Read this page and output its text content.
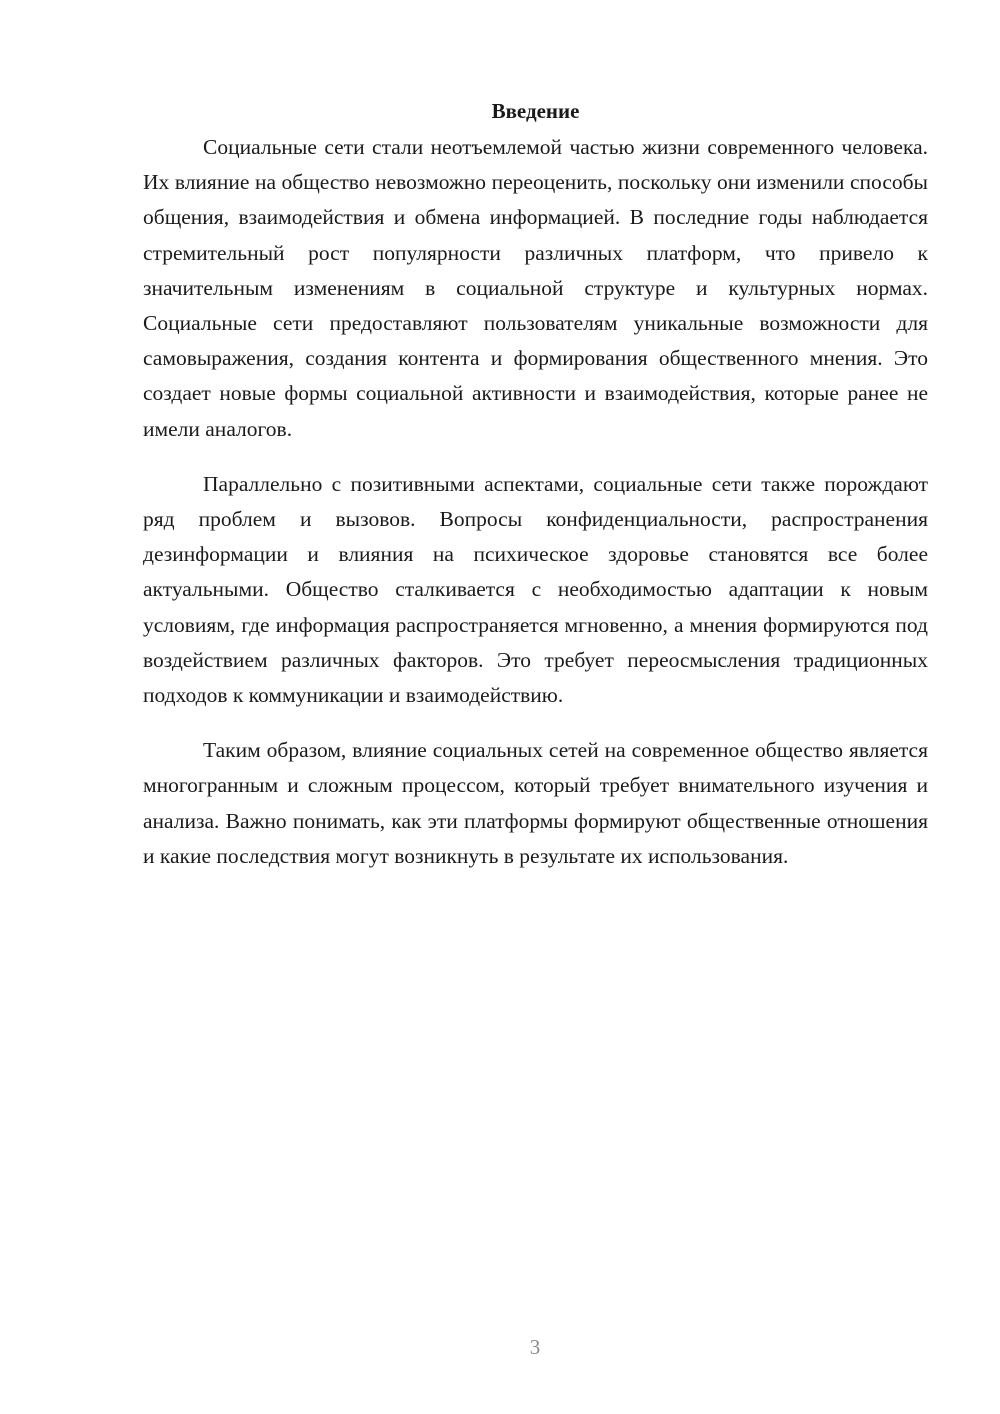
Введение

Социальные сети стали неотъемлемой частью жизни современного человека. Их влияние на общество невозможно переоценить, поскольку они изменили способы общения, взаимодействия и обмена информацией. В последние годы наблюдается стремительный рост популярности различных платформ, что привело к значительным изменениям в социальной структуре и культурных нормах. Социальные сети предоставляют пользователям уникальные возможности для самовыражения, создания контента и формирования общественного мнения. Это создает новые формы социальной активности и взаимодействия, которые ранее не имели аналогов.

Параллельно с позитивными аспектами, социальные сети также порождают ряд проблем и вызовов. Вопросы конфиденциальности, распространения дезинформации и влияния на психическое здоровье становятся все более актуальными. Общество сталкивается с необходимостью адаптации к новым условиям, где информация распространяется мгновенно, а мнения формируются под воздействием различных факторов. Это требует переосмысления традиционных подходов к коммуникации и взаимодействию.

Таким образом, влияние социальных сетей на современное общество является многогранным и сложным процессом, который требует внимательного изучения и анализа. Важно понимать, как эти платформы формируют общественные отношения и какие последствия могут возникнуть в результате их использования.

3
